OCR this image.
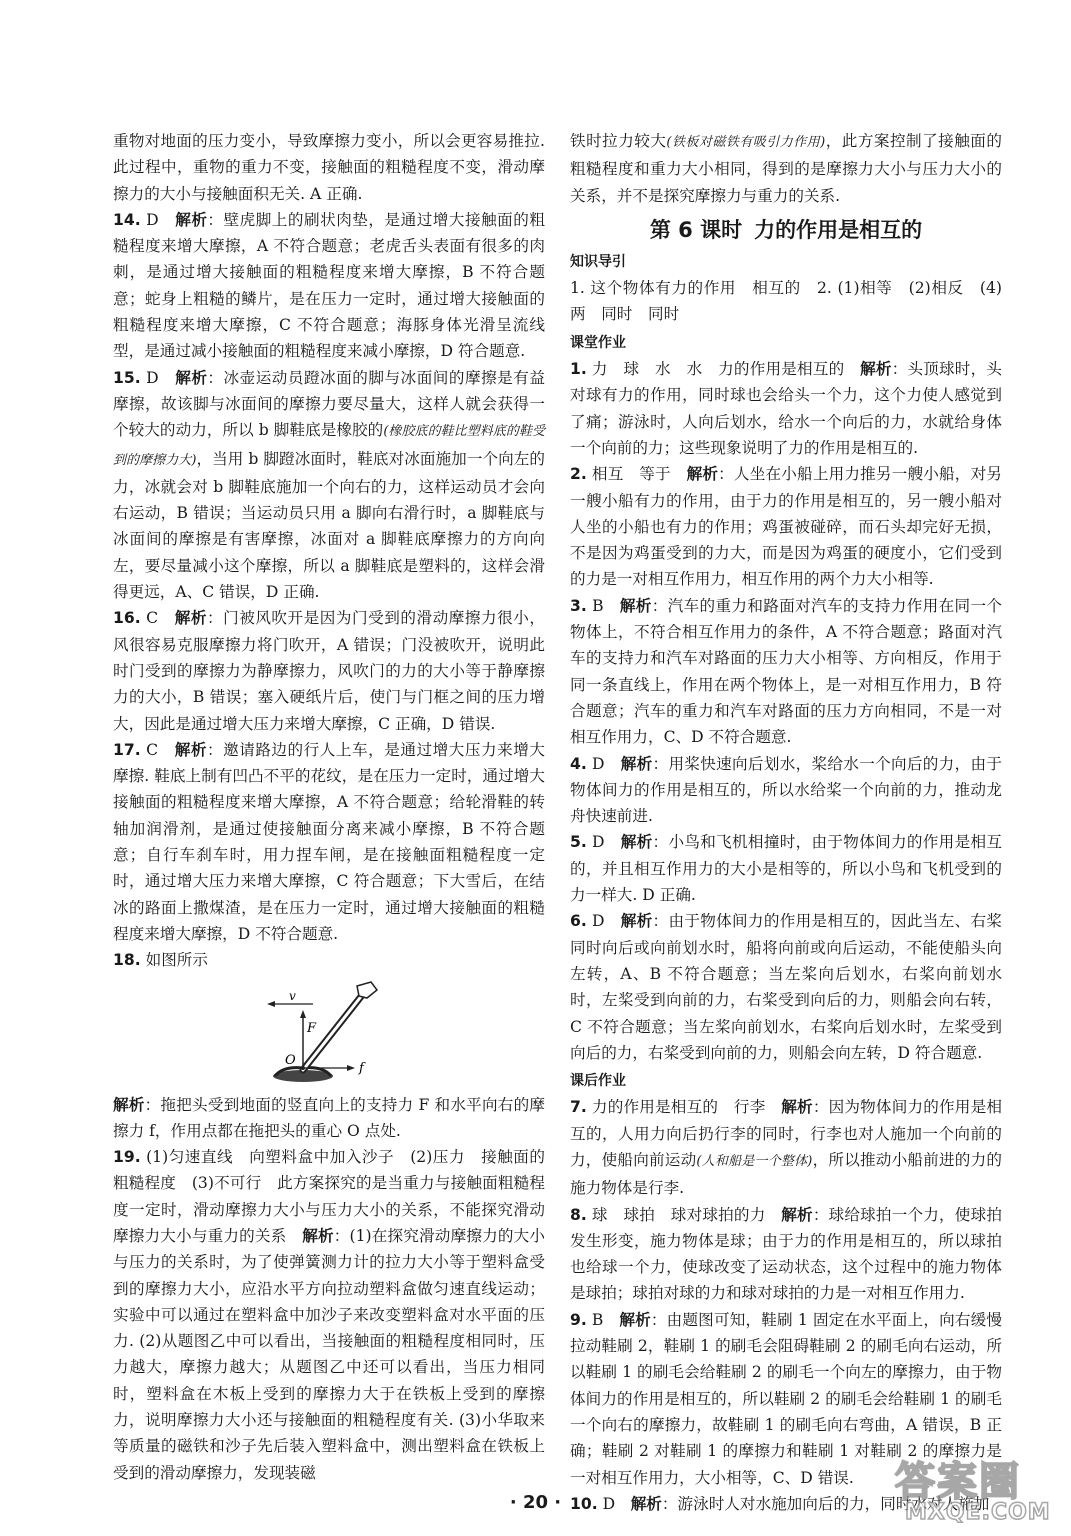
重物对地面的压力变小，导致摩擦力变小，所以会更容易推拉. 此过程中，重物的重力不变，接触面的粗糙程度不变，滑动摩擦力的大小与接触面积无关. A 正确.

14. D　 解析：壁虎脚上的刷状肉垫，是通过增大接触面的粗糙程度来增大摩擦，A 不符合题意；老虎舌头表面有很多的肉刺，是通过增大接触面的粗糙程度来增大摩擦，B 不符合题意；蛇身上粗糙的鳞片，是在压力一定时，通过增大接触面的粗糙程度来增大摩擦，C 不符合题意；海豚身体光滑呈流线型，是通过减小接触面的粗糙程度来减小摩擦，D 符合题意.

15. D　 解析：冰壶运动员蹬冰面的脚与冰面间的摩擦是有益摩擦，故该脚与冰面间的摩擦力要尽量大，这样人就会获得一个较大的动力，所以 b 脚鞋底是橡胶的(橡胶底的鞋比塑料底的鞋受到的摩擦力大)，当用 b 脚蹬冰面时，鞋底对冰面施加一个向左的力，冰就会对 b 脚鞋底施加一个向右的力，这样运动员才会向右运动，B 错误；当运动员只用 a 脚向右滑行时，a 脚鞋底与冰面间的摩擦是有害摩擦，冰面对 a 脚鞋底摩擦力的方向向左，要尽量减小这个摩擦，所以 a 脚鞋底是塑料的，这样会滑得更远，A、C 错误，D 正确.

16. C　 解析：门被风吹开是因为门受到的滑动摩擦力很小，风很容易克服摩擦力将门吹开，A 错误；门没被吹开，说明此时门受到的摩擦力为静摩擦力，风吹门的力的大小等于静摩擦力的大小，B 错误；塞入硬纸片后，使门与门框之间的压力增大，因此是通过增大压力来增大摩擦，C 正确，D 错误.

17. C　 解析：邀请路边的行人上车，是通过增大压力来增大摩擦. 鞋底上制有凹凸不平的花纹，是在压力一定时，通过增大接触面的粗糙程度来增大摩擦，A 不符合题意；给轮滑鞋的转轴加润滑剂，是通过使接触面分离来减小摩擦，B 不符合题意；自行车刹车时，用力捏车闸，是在接触面粗糙程度一定时，通过增大压力来增大摩擦，C 符合题意；下大雪后，在结冰的路面上撒煤渣，是在压力一定时，通过增大接触面的粗糙程度来增大摩擦，D 不符合题意.

18. 如图所示

v
F
O
f

解析：拖把头受到地面的竖直向上的支持力 F 和水平向右的摩擦力 f，作用点都在拖把头的重心 O 点处.

19. (1)匀速直线　向塑料盒中加入沙子　(2)压力　接触面的粗糙程度　(3)不可行　此方案探究的是当重力与接触面粗糙程度一定时，滑动摩擦力大小与压力大小的关系，不能探究滑动摩擦力大小与重力的关系　解析：(1)在探究滑动摩擦力的大小与压力的关系时，为了使弹簧测力计的拉力大小等于塑料盒受到的摩擦力大小，应沿水平方向拉动塑料盒做匀速直线运动；实验中可以通过在塑料盒中加沙子来改变塑料盒对水平面的压力. (2)从题图乙中可以看出，当接触面的粗糙程度相同时，压力越大，摩擦力越大；从题图乙中还可以看出，当压力相同时，塑料盒在木板上受到的摩擦力大于在铁板上受到的摩擦力，说明摩擦力大小还与接触面的粗糙程度有关. (3)小华取来等质量的磁铁和沙子先后装入塑料盒中，测出塑料盒在铁板上受到的滑动摩擦力，发现装磁

铁时拉力较大(铁板对磁铁有吸引力作用)，此方案控制了接触面的粗糙程度和重力大小相同，得到的是摩擦力大小与压力大小的关系，并不是探究摩擦力与重力的关系.

第 6 课时 力的作用是相互的

知识导引

1. 这个物体有力的作用　相互的　2. (1)相等　(2)相反　(4)两　同时　同时

课堂作业

1. 力　球　水　水　力的作用是相互的　解析：头顶球时，头对球有力的作用，同时球也会给头一个力，这个力使人感觉到了痛；游泳时，人向后划水，给水一个向后的力，水就给身体一个向前的力；这些现象说明了力的作用是相互的.

2. 相互　等于　解析：人坐在小船上用力推另一艘小船，对另一艘小船有力的作用，由于力的作用是相互的，另一艘小船对人坐的小船也有力的作用；鸡蛋被碰碎，而石头却完好无损，不是因为鸡蛋受到的力大，而是因为鸡蛋的硬度小，它们受到的力是一对相互作用力，相互作用的两个力大小相等.

3. B　解析：汽车的重力和路面对汽车的支持力作用在同一个物体上，不符合相互作用力的条件，A 不符合题意；路面对汽车的支持力和汽车对路面的压力大小相等、方向相反，作用于同一条直线上，作用在两个物体上，是一对相互作用力，B 符合题意；汽车的重力和汽车对路面的压力方向相同，不是一对相互作用力，C、D 不符合题意.

4. D　解析：用桨快速向后划水，桨给水一个向后的力，由于物体间力的作用是相互的，所以水给桨一个向前的力，推动龙舟快速前进.

5. D　解析：小鸟和飞机相撞时，由于物体间力的作用是相互的，并且相互作用力的大小是相等的，所以小鸟和飞机受到的力一样大. D 正确.

6. D　解析：由于物体间力的作用是相互的，因此当左、右桨同时向后或向前划水时，船将向前或向后运动，不能使船头向左转，A、B 不符合题意；当左桨向后划水，右桨向前划水时，左桨受到向前的力，右桨受到向后的力，则船会向右转，C 不符合题意；当左桨向前划水，右桨向后划水时，左桨受到向后的力，右桨受到向前的力，则船会向左转，D 符合题意.

课后作业

7. 力的作用是相互的　行李　解析：因为物体间力的作用是相互的，人用力向后扔行李的同时，行李也对人施加一个向前的力，使船向前运动(人和船是一个整体)，所以推动小船前进的力的施力物体是行李.

8. 球　球拍　球对球拍的力　解析：球给球拍一个力，使球拍发生形变，施力物体是球；由于力的作用是相互的，所以球拍也给球一个力，使球改变了运动状态，这个过程中的施力物体是球拍；球拍对球的力和球对球拍的力是一对相互作用力.

9. B　解析：由题图可知，鞋刷 1 固定在水平面上，向右缓慢拉动鞋刷 2，鞋刷 1 的刷毛会阻碍鞋刷 2 的刷毛向右运动，所以鞋刷 1 的刷毛会给鞋刷 2 的刷毛一个向左的摩擦力，由于物体间力的作用是相互的，所以鞋刷 2 的刷毛会给鞋刷 1 的刷毛一个向右的摩擦力，故鞋刷 1 的刷毛向右弯曲，A 错误，B 正确；鞋刷 2 对鞋刷 1 的摩擦力和鞋刷 1 对鞋刷 2 的摩擦力是一对相互作用力，大小相等，C、D 错误.

10. D　解析：游泳时人对水施加向后的力，同时水对人施加

· 20 ·	答案圈
MXQE.COM
